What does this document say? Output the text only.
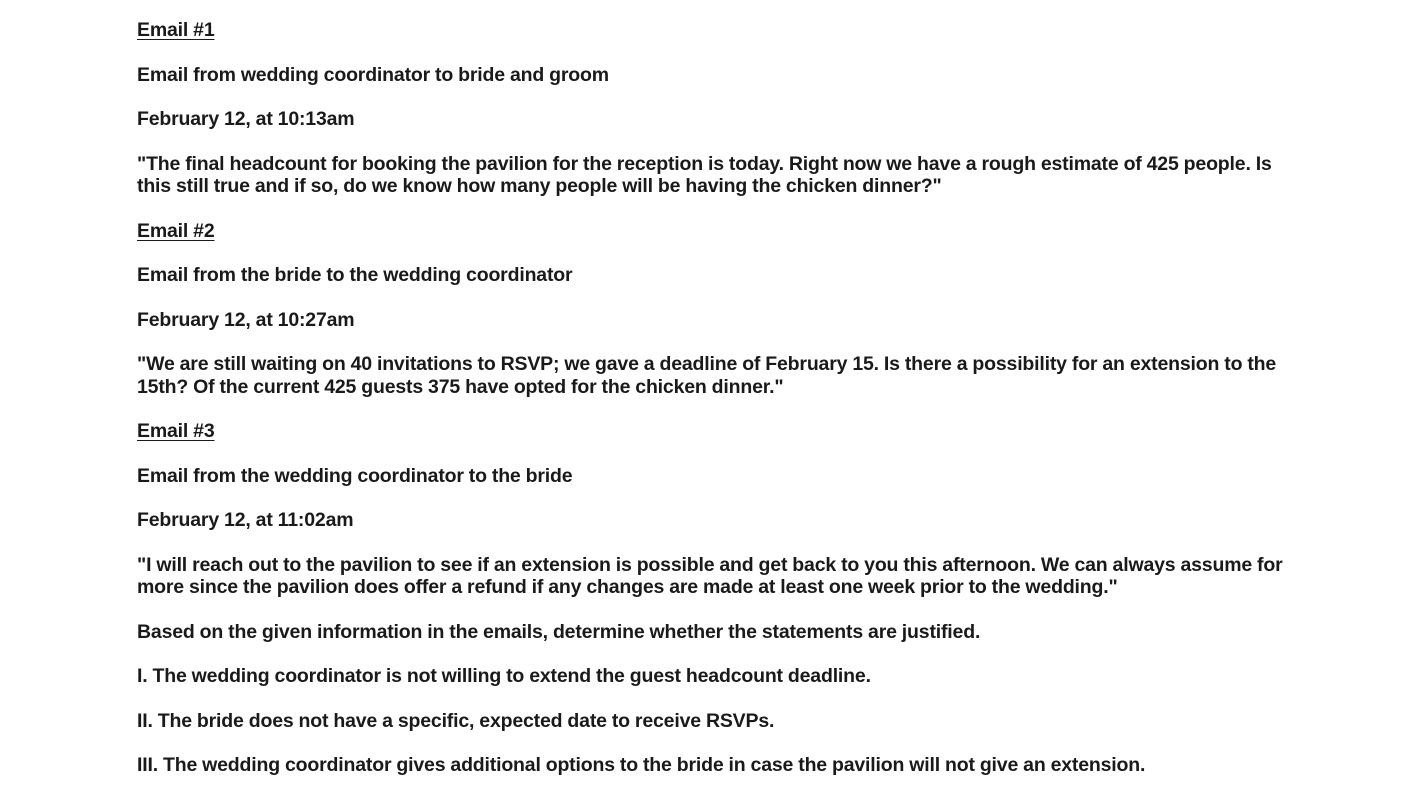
Email #1

Email from wedding coordinator to bride and groom

February 12, at 10:13am

"The final headcount for booking the pavilion for the reception is today. Right now we have a rough estimate of 425 people. Is this still true and if so, do we know how many people will be having the chicken dinner?"

Email #2

Email from the bride to the wedding coordinator

February 12, at 10:27am

"We are still waiting on 40 invitations to RSVP; we gave a deadline of February 15. Is there a possibility for an extension to the 15th? Of the current 425 guests 375 have opted for the chicken dinner."

Email #3

Email from the wedding coordinator to the bride

February 12, at 11:02am

"I will reach out to the pavilion to see if an extension is possible and get back to you this afternoon. We can always assume for more since the pavilion does offer a refund if any changes are made at least one week prior to the wedding."

Based on the given information in the emails, determine whether the statements are justified.

I. The wedding coordinator is not willing to extend the guest headcount deadline.

II. The bride does not have a specific, expected date to receive RSVPs.

III. The wedding coordinator gives additional options to the bride in case the pavilion will not give an extension.
